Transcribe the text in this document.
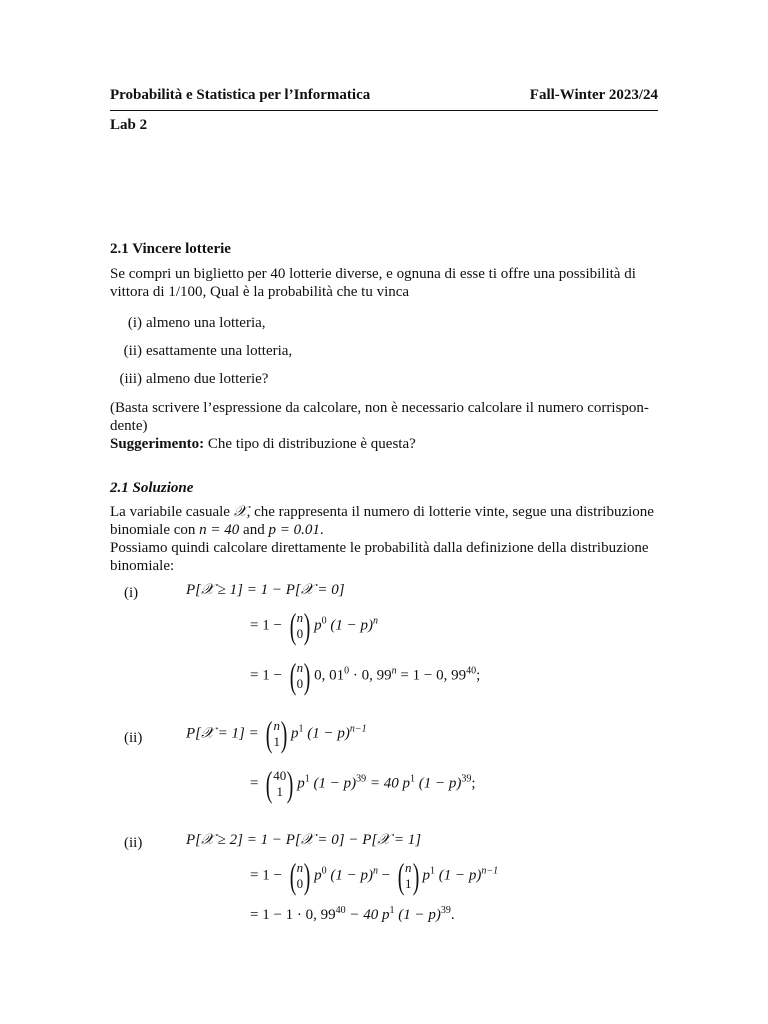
Probabilità e Statistica per l’Informatica	Fall-Winter 2023/24
Lab 2
2.1 Vincere lotterie
Se compri un biglietto per 40 lotterie diverse, e ognuna di esse ti offre una possibilità di
vittora di 1/100, Qual è la probabilità che tu vinca
(i) almeno una lotteria,
(ii) esattamente una lotteria,
(iii) almeno due lotterie?
(Basta scrivere l’espressione da calcolare, non è necessario calcolare il numero corrispon-
dente)
Suggerimento: Che tipo di distribuzione è questa?
2.1 Soluzione
La variabile casuale 𝒳, che rappresenta il numero di lotterie vinte, segue una distribuzione
binomiale con n = 40 and p = 0.01.
Possiamo quindi calcolare direttamente le probabilità dalla definizione della distribuzione
binomiale:
(i)	P[𝒳 ≥ 1] = 1 − P[𝒳 = 0]
= 1 − ( n
0 ) $p^0$ $(1 - p)^n$
= 1 − ( n
0 ) 0, $01^0 \cdot 0$, $99^n = 1 - 0$, $99^{40}$;
(ii)	P[𝒳 = 1] = ( n
1 ) $p^1$ $(1 - p)^{n-1}$
= ( 40
1 ) $p^1$ $(1 - p)^{39} = 40$ $p^1$ $(1 - p)^{39}$;
(ii)	P[𝒳 ≥ 2] = 1 − P[𝒳 = 0] − P[𝒳 = 1]
= 1 − ( n
0 ) $p^0$ $(1 - p)^n$ − ( n
1 ) $p^1$ $(1 - p)^{n-1}$
= 1 − 1 · 0, $99^{40} - 40$ $p^1$ $(1 - p)^{39}$.
